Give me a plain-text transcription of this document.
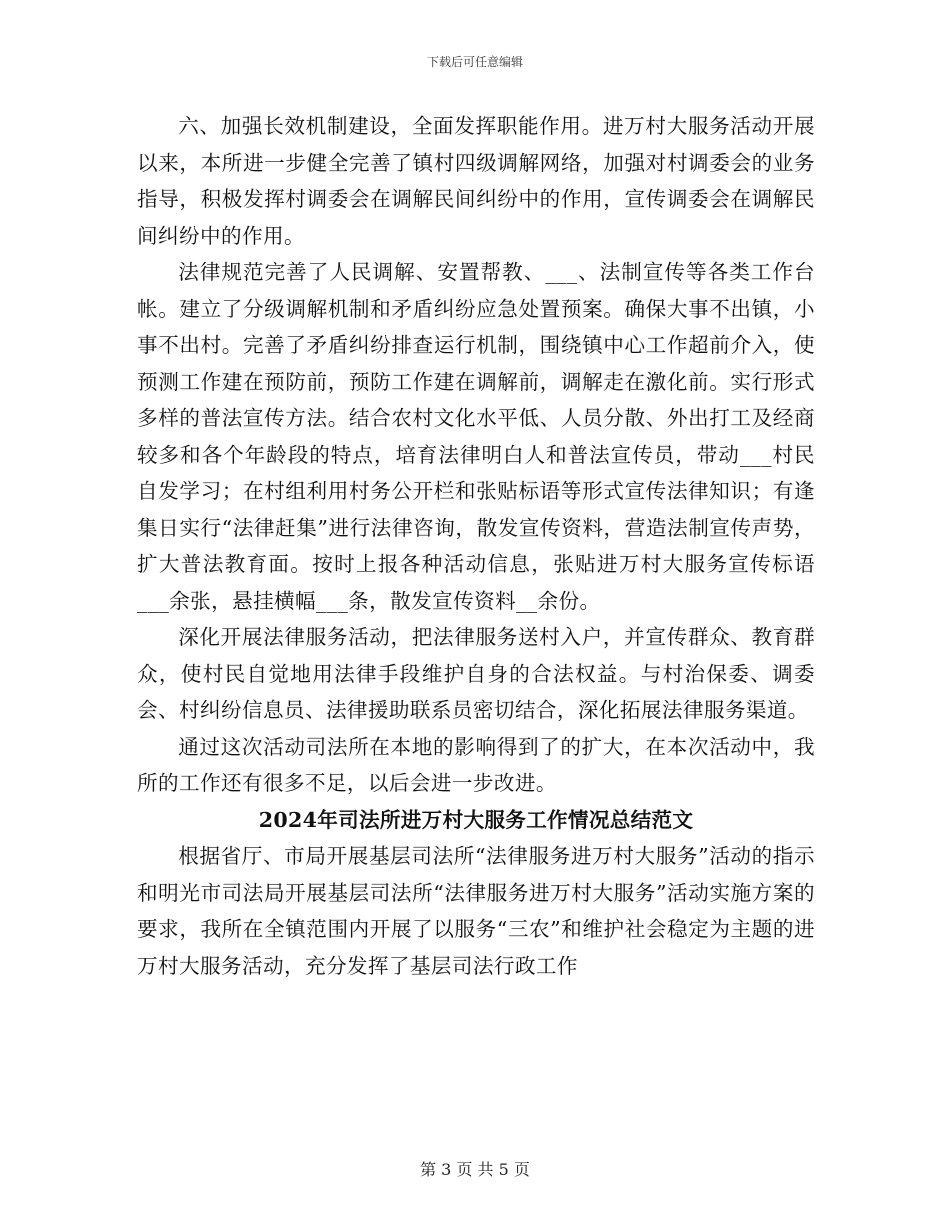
下载后可任意编辑

六、加强长效机制建设，全面发挥职能作用。进万村大服务活动开展以来，本所进一步健全完善了镇村四级调解网络，加强对村调委会的业务指导，积极发挥村调委会在调解民间纠纷中的作用，宣传调委会在调解民间纠纷中的作用。

法律规范完善了人民调解、安置帮教、___、法制宣传等各类工作台帐。建立了分级调解机制和矛盾纠纷应急处置预案。确保大事不出镇，小事不出村。完善了矛盾纠纷排查运行机制，围绕镇中心工作超前介入，使预测工作建在预防前，预防工作建在调解前，调解走在激化前。实行形式多样的普法宣传方法。结合农村文化水平低、人员分散、外出打工及经商较多和各个年龄段的特点，培育法律明白人和普法宣传员，带动___村民自发学习；在村组利用村务公开栏和张贴标语等形式宣传法律知识；有逢集日实行“法律赶集”进行法律咨询，散发宣传资料，营造法制宣传声势，扩大普法教育面。按时上报各种活动信息，张贴进万村大服务宣传标语___余张，悬挂横幅___条，散发宣传资料__余份。

深化开展法律服务活动，把法律服务送村入户，并宣传群众、教育群众，使村民自觉地用法律手段维护自身的合法权益。与村治保委、调委会、村纠纷信息员、法律援助联系员密切结合，深化拓展法律服务渠道。

通过这次活动司法所在本地的影响得到了的扩大，在本次活动中，我所的工作还有很多不足，以后会进一步改进。

2024年司法所进万村大服务工作情况总结范文

根据省厅、市局开展基层司法所“法律服务进万村大服务”活动的指示和明光市司法局开展基层司法所“法律服务进万村大服务”活动实施方案的要求，我所在全镇范围内开展了以服务“三农”和维护社会稳定为主题的进万村大服务活动，充分发挥了基层司法行政工作

第 3 页 共 5 页
